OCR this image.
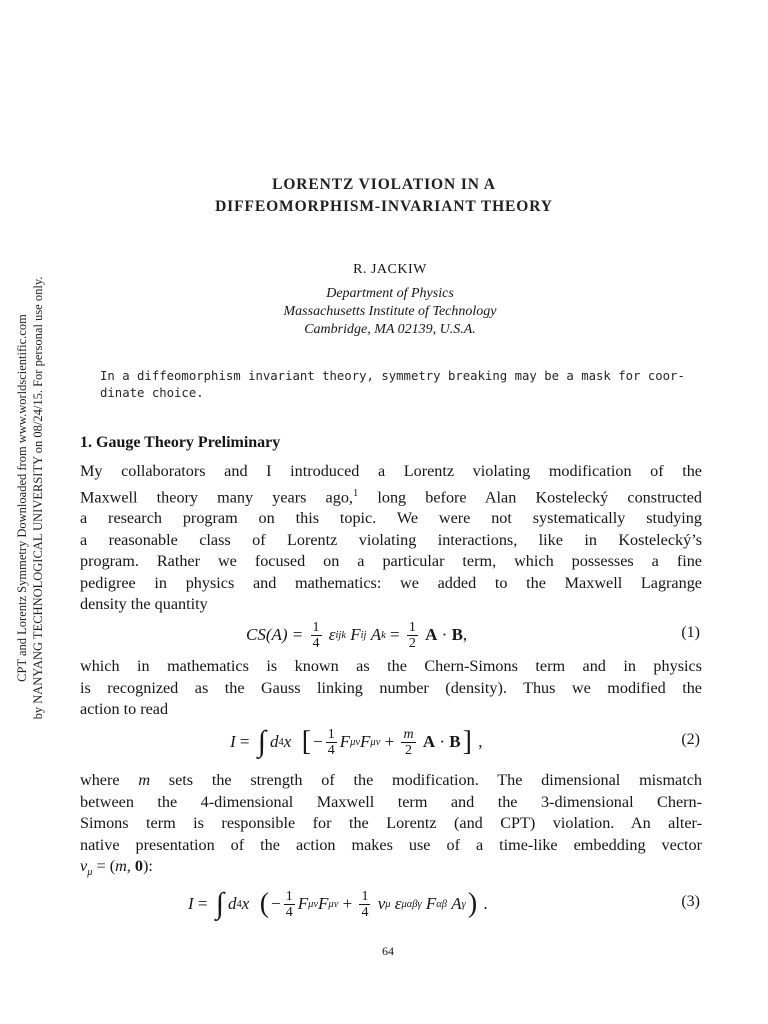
CPT and Lorentz Symmetry Downloaded from www.worldscientific.com by NANYANG TECHNOLOGICAL UNIVERSITY on 08/24/15. For personal use only.
LORENTZ VIOLATION IN A
DIFFEOMORPHISM-INVARIANT THEORY
R. JACKIW
Department of Physics
Massachusetts Institute of Technology
Cambridge, MA 02139, U.S.A.
In a diffeomorphism invariant theory, symmetry breaking may be a mask for coor-
dinate choice.
1. Gauge Theory Preliminary
My collaborators and I introduced a Lorentz violating modification of the
Maxwell theory many years ago,$^1$ long before Alan Kostelecký constructed
a research program on this topic. We were not systematically studying
a reasonable class of Lorentz violating interactions, like in Kostelecký’s
program. Rather we focused on a particular term, which possesses a fine
pedigree in physics and mathematics: we added to the Maxwell Lagrange
density the quantity
CS(A) =
$\frac{1}{4}$
ε ijk
F ij
A $k = \frac{1}{2}$
A · B ,	(1)
which in mathematics is known as the Chern-Simons term and in physics
is recognized as the Gauss linking number (density). Thus we modified the
action to read
I = ∫ d 4 x
[ − $\frac{1}{4}$ F μν F $\mu\nu + \frac{m}{2}$
A · B ] ,	(2)
where m sets the strength of the modification. The dimensional mismatch
between the 4-dimensional Maxwell term and the 3-dimensional Chern-
Simons term is responsible for the Lorentz (and CPT) violation. An alter-
native presentation of the action makes use of a time-like embedding vector
$v_\mu = (m$, 0):
I = ∫ d 4 x
( − $\frac{1}{4}$ F μν F $\mu\nu + \frac{1}{4}$
v μ
ε μαβγ
F αβ
A γ ) .	(3)
64
